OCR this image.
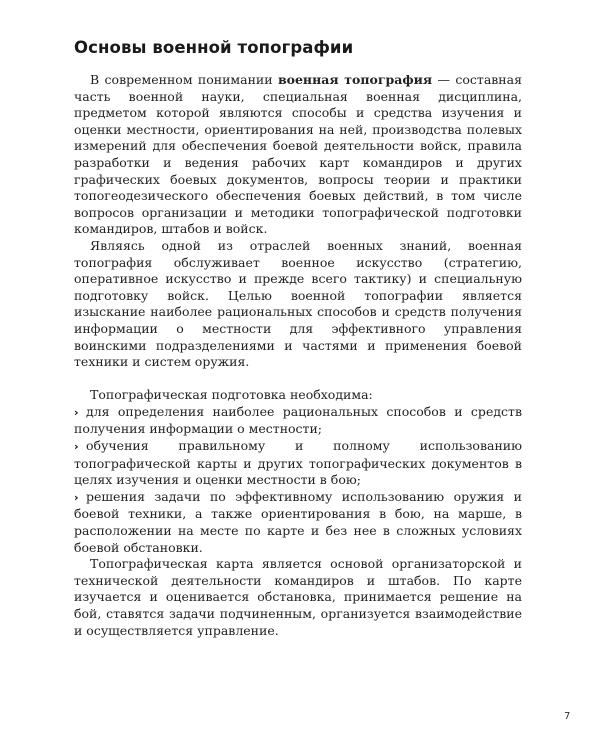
Основы военной топографии

В современном понимании военная топография — составная часть военной науки, специальная военная дисциплина, предметом которой являются способы и средства изучения и оценки местности, ориентирования на ней, производства полевых измерений для обеспечения боевой деятельности войск, правила разработки и ведения рабочих карт командиров и других графических боевых документов, вопросы теории и практики топогеодезического обеспечения боевых действий, в том числе вопросов организации и методики топографической подготовки командиров, штабов и войск.

Являясь одной из отраслей военных знаний, военная топография обслуживает военное искусство (стратегию, оперативное искусство и прежде всего тактику) и специальную подготовку войск. Целью военной топографии является изыскание наиболее рациональных способов и средств получения информации о местности для эффективного управления воинскими подразделениями и частями и применения боевой техники и систем оружия.

Топографическая подготовка необходима:

› для определения наиболее рациональных способов и средств получения информации о местности;

› обучения правильному и полному использованию топографической карты и других топографических документов в целях изучения и оценки местности в бою;

› решения задачи по эффективному использованию оружия и боевой техники, а также ориентирования в бою, на марше, в расположении на месте по карте и без нее в сложных условиях боевой обстановки.

Топографическая карта является основой организаторской и технической деятельности командиров и штабов. По карте изучается и оценивается обстановка, принимается решение на бой, ставятся задачи подчиненным, организуется взаимодействие и осуществляется управление.

7
